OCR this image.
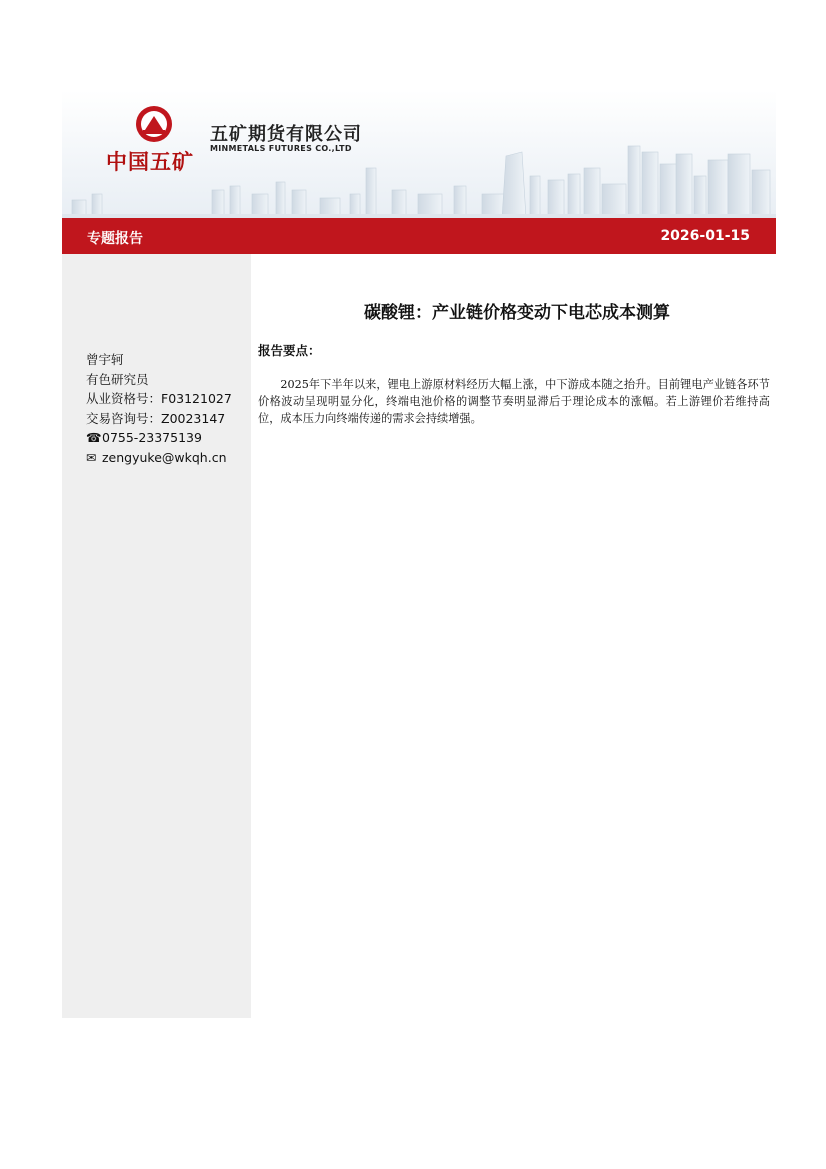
中国五矿
五矿期货有限公司
MINMETALS FUTURES CO.,LTD
专题报告	2026-01-15
曾宇轲
有色研究员
从业资格号：F03121027
交易咨询号：Z0023147
☎0755-23375139
✉ zengyuke@wkqh.cn
碳酸锂：产业链价格变动下电芯成本测算
报告要点：
2025年下半年以来，锂电上游原材料经历大幅上涨，中下游成本随之抬升。目前锂电产业链各环节价格波动呈现明显分化，终端电池价格的调整节奏明显滞后于理论成本的涨幅。若上游锂价若维持高位，成本压力向终端传递的需求会持续增强。
